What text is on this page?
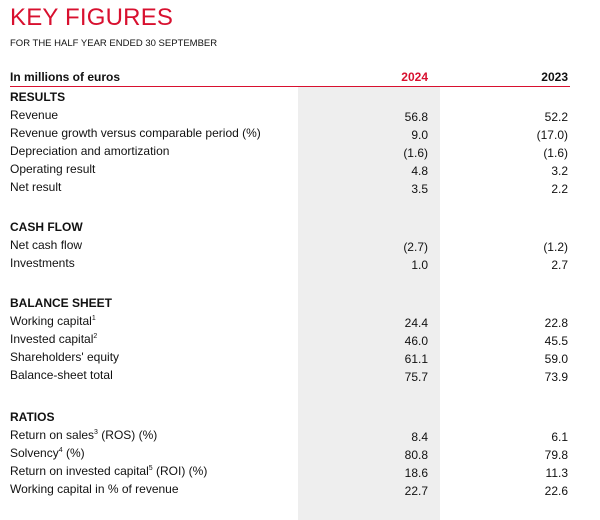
KEY FIGURES
FOR THE HALF YEAR ENDED 30 SEPTEMBER
In millions of euros	2024	2023
RESULTS
Revenue	56.8	52.2
Revenue growth versus comparable period (%)	9.0	(17.0)
Depreciation and amortization	(1.6)	(1.6)
Operating result	4.8	3.2
Net result	3.5	2.2
CASH FLOW
Net cash flow	(2.7)	(1.2)
Investments	1.0	2.7
BALANCE SHEET
Working capital$^1$	24.4	22.8
Invested capital$^2$	46.0	45.5
Shareholders' equity	61.1	59.0
Balance-sheet total	75.7	73.9
RATIOS
Return on sales$^3$ (ROS) (%)	8.4	6.1
Solvency$^4$ (%)	80.8	79.8
Return on invested capital$^5$ (ROI) (%)	18.6	11.3
Working capital in % of revenue	22.7	22.6
